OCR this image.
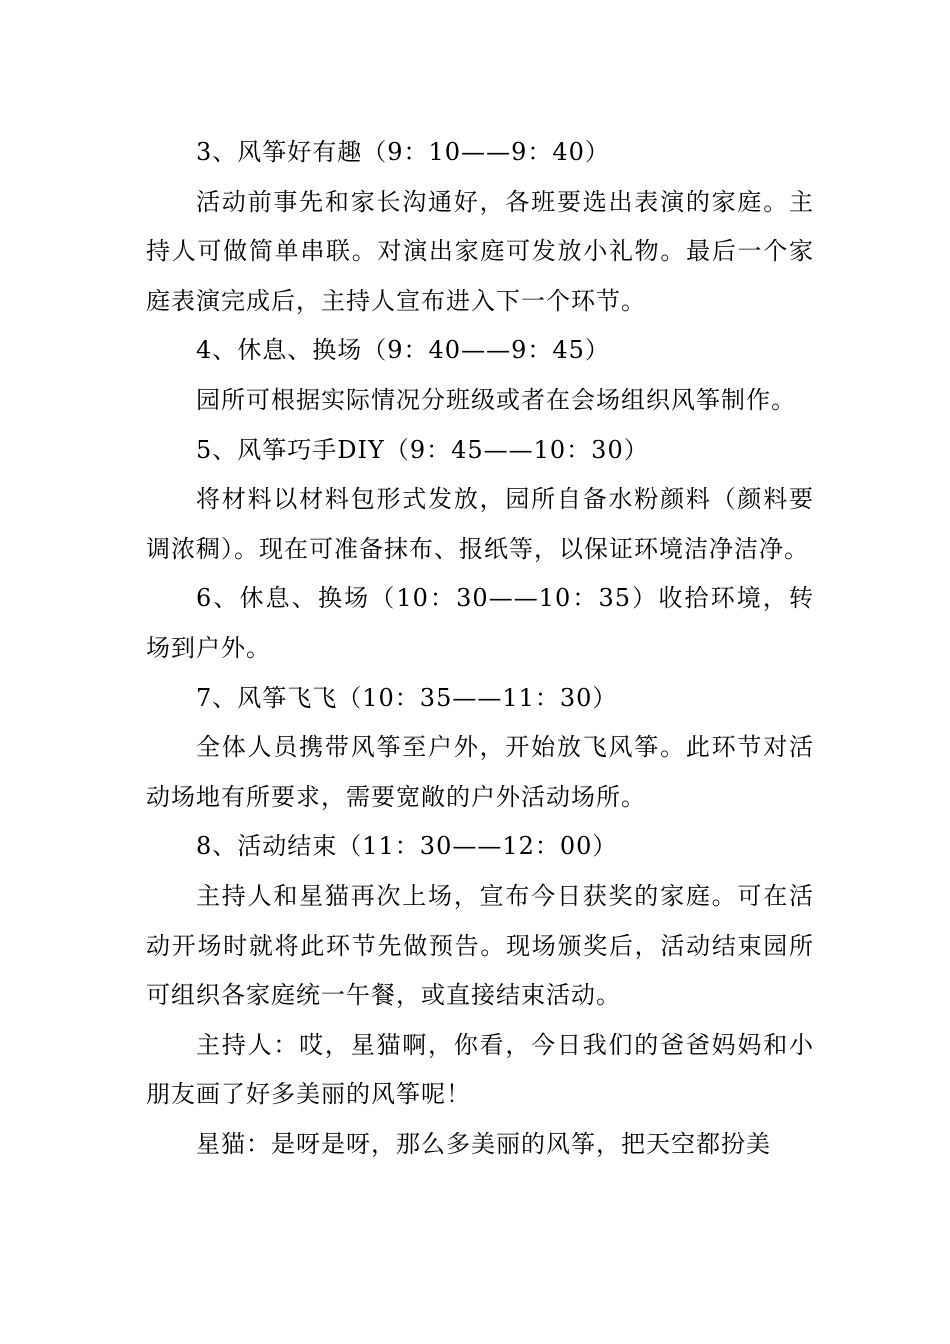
3、风筝好有趣（9：10——9：40）

活动前事先和家长沟通好，各班要选出表演的家庭。主持人可做简单串联。对演出家庭可发放小礼物。最后一个家庭表演完成后，主持人宣布进入下一个环节。

4、休息、换场（9：40——9：45）

园所可根据实际情况分班级或者在会场组织风筝制作。

5、风筝巧手DIY（9：45——10：30）

将材料以材料包形式发放，园所自备水粉颜料（颜料要调浓稠）。现在可准备抹布、报纸等，以保证环境洁净洁净。

6、休息、换场（10：30——10：35）收拾环境，转场到户外。

7、风筝飞飞（10：35——11：30）

全体人员携带风筝至户外，开始放飞风筝。此环节对活动场地有所要求，需要宽敞的户外活动场所。

8、活动结束（11：30——12：00）

主持人和星猫再次上场，宣布今日获奖的家庭。可在活动开场时就将此环节先做预告。现场颁奖后，活动结束园所可组织各家庭统一午餐，或直接结束活动。

主持人：哎，星猫啊，你看，今日我们的爸爸妈妈和小朋友画了好多美丽的风筝呢！

星猫：是呀是呀，那么多美丽的风筝，把天空都扮美
